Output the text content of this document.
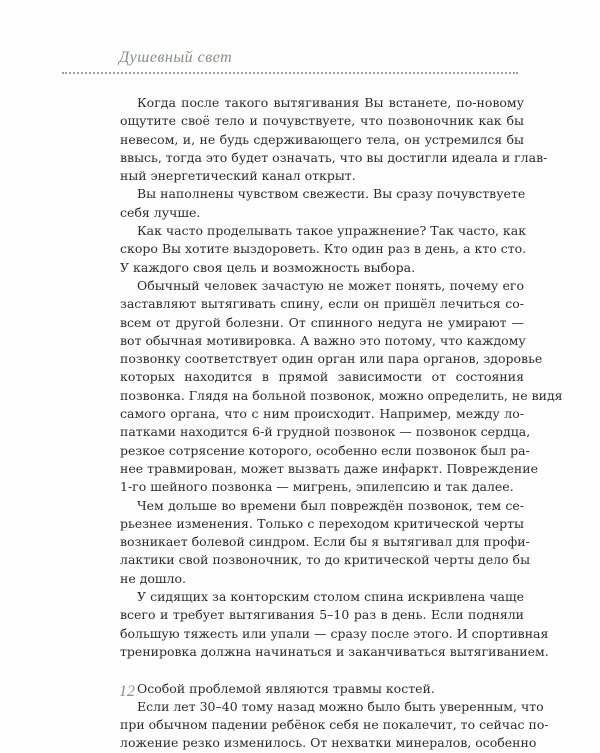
Душевный свет
Когда после такого вытягивания Вы встанете, по-новому
ощутите своё тело и почувствуете, что позвоночник как бы
невесом, и, не будь сдерживающего тела, он устремился бы
ввысь, тогда это будет означать, что вы достигли идеала и глав-
ный энергетический канал открыт.
Вы наполнены чувством свежести. Вы сразу почувствуете
себя лучше.
Как часто проделывать такое упражнение? Так часто, как
скоро Вы хотите выздороветь. Кто один раз в день, а кто сто.
У каждого своя цель и возможность выбора.
Обычный человек зачастую не может понять, почему его
заставляют вытягивать спину, если он пришёл лечиться со-
всем от другой болезни. От спинного недуга не умирают —
вот обычная мотивировка. А важно это потому, что каждому
позвонку соответствует один орган или пара органов, здоровье
которых находится в прямой зависимости от состояния
позвонка. Глядя на больной позвонок, можно определить, не видя
самого органа, что с ним происходит. Например, между ло-
патками находится 6-й грудной позвонок — позвонок сердца,
резкое сотрясение которого, особенно если позвонок был ра-
нее травмирован, может вызвать даже инфаркт. Повреждение
1-го шейного позвонка — мигрень, эпилепсию и так далее.
Чем дольше во времени был повреждён позвонок, тем се-
рьезнее изменения. Только с переходом критической черты
возникает болевой синдром. Если бы я вытягивал для профи-
лактики свой позвоночник, то до критической черты дело бы
не дошло.
У сидящих за конторским столом спина искривлена чаще
всего и требует вытягивания 5–10 раз в день. Если подняли
большую тяжесть или упали — сразу после этого. И спортивная
тренировка должна начинаться и заканчиваться вытягиванием.
Особой проблемой являются травмы костей.
Если лет 30–40 тому назад можно было быть уверенным, что
при обычном падении ребёнок себя не покалечит, то сейчас по-
ложение резко изменилось. От нехватки минералов, особенно
12
